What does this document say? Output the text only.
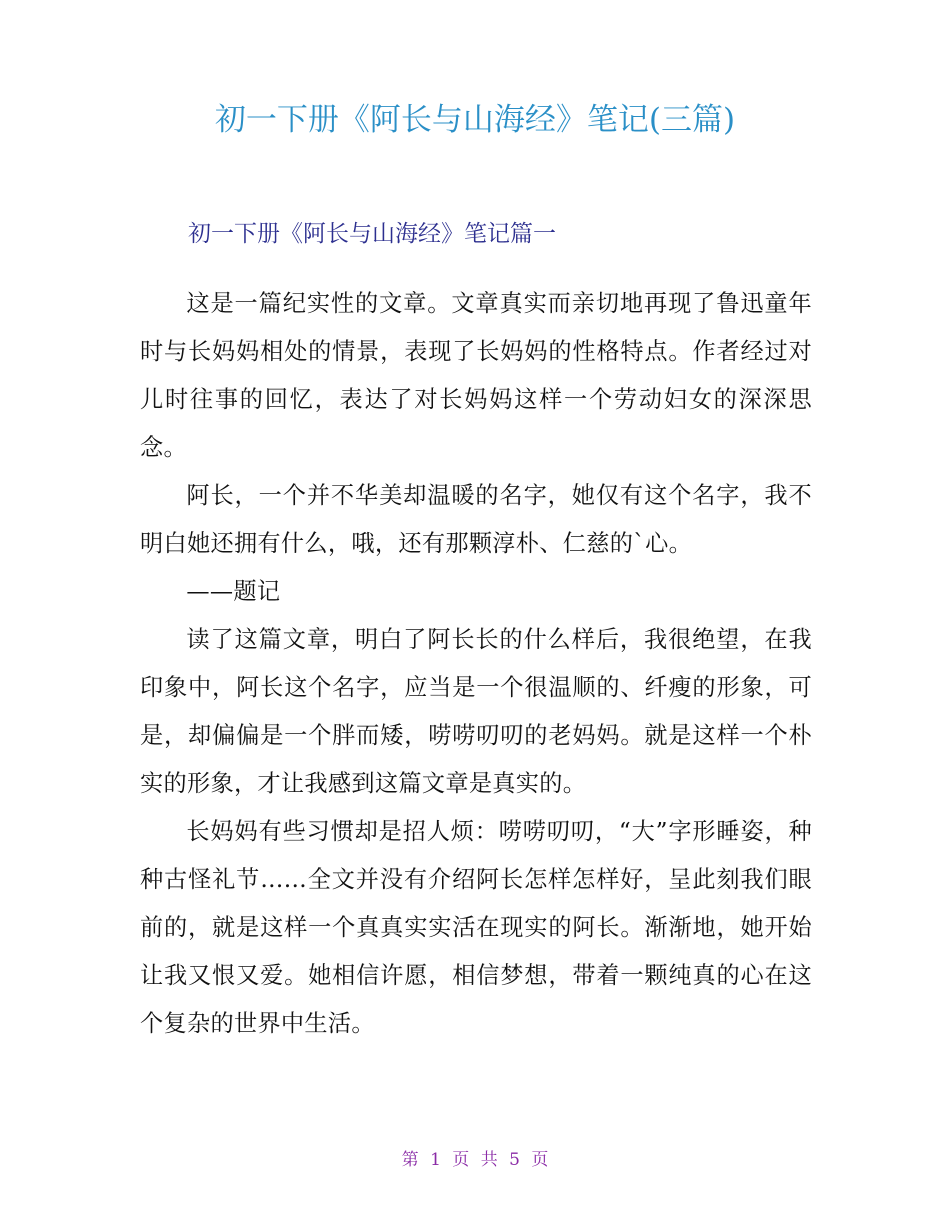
初一下册《阿长与山海经》笔记(三篇)
初一下册《阿长与山海经》笔记篇一

这是一篇纪实性的文章。文章真实而亲切地再现了鲁迅童年时与长妈妈相处的情景，表现了长妈妈的性格特点。作者经过对儿时往事的回忆，表达了对长妈妈这样一个劳动妇女的深深思念。

阿长，一个并不华美却温暖的名字，她仅有这个名字，我不明白她还拥有什么，哦，还有那颗淳朴、仁慈的`心。

——题记

读了这篇文章，明白了阿长长的什么样后，我很绝望，在我印象中，阿长这个名字，应当是一个很温顺的、纤瘦的形象，可是，却偏偏是一个胖而矮，唠唠叨叨的老妈妈。就是这样一个朴实的形象，才让我感到这篇文章是真实的。

长妈妈有些习惯却是招人烦：唠唠叨叨，“大”字形睡姿，种种古怪礼节……全文并没有介绍阿长怎样怎样好，呈此刻我们眼前的，就是这样一个真真实实活在现实的阿长。渐渐地，她开始让我又恨又爱。她相信许愿，相信梦想，带着一颗纯真的心在这个复杂的世界中生活。

第 1 页 共 5 页
